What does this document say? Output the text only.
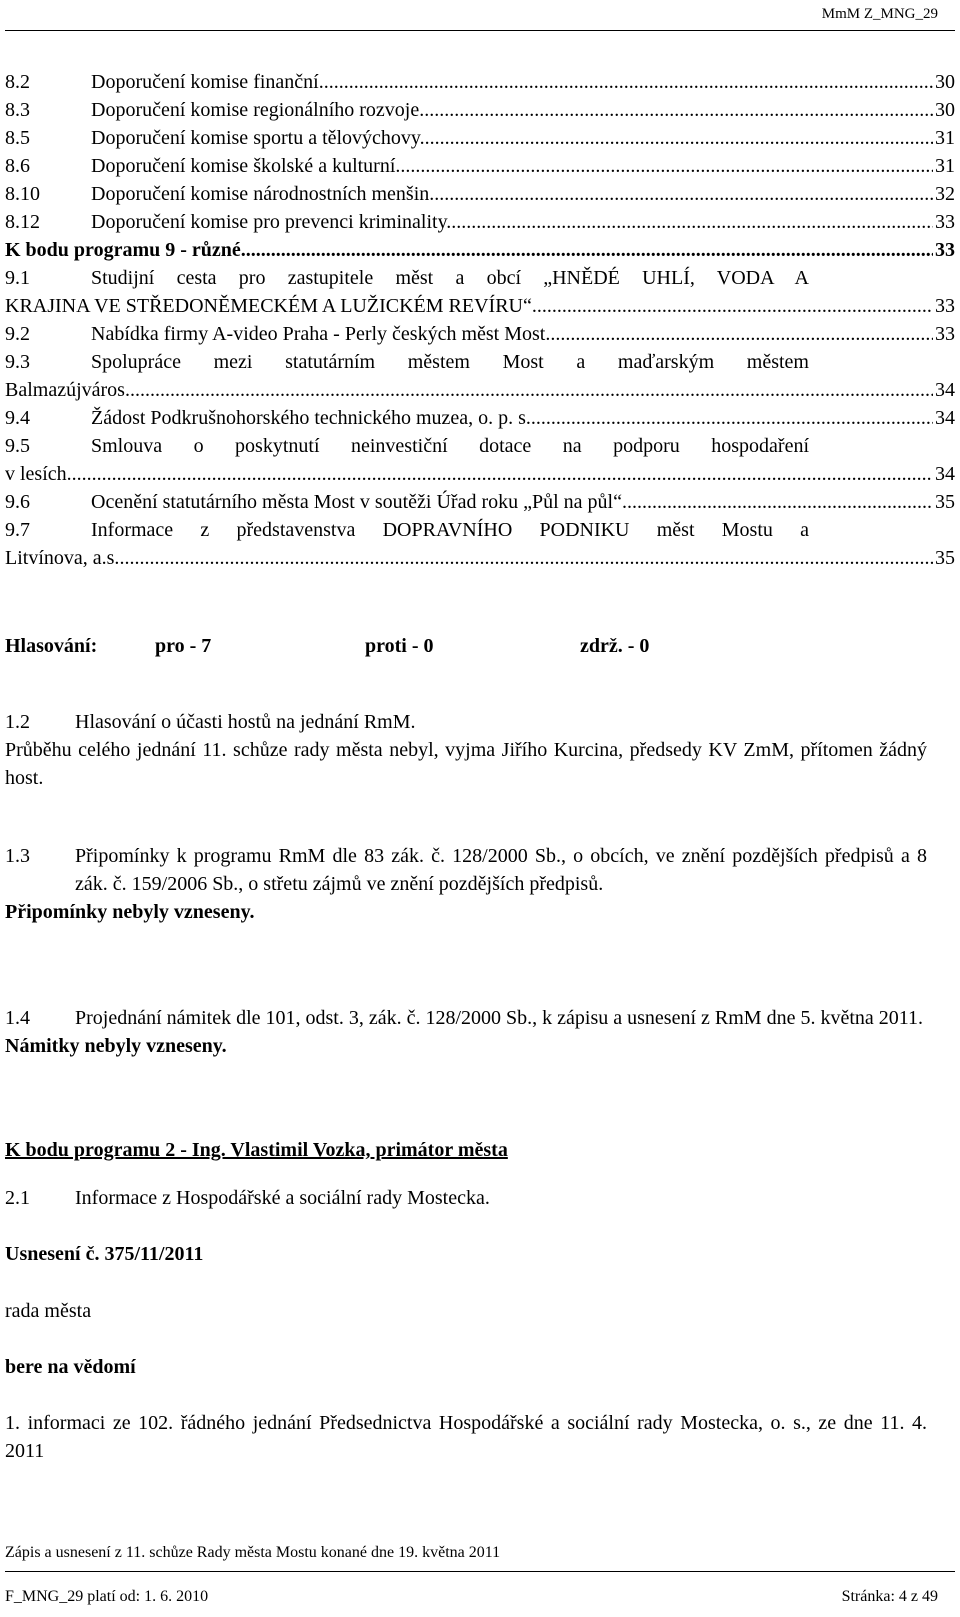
MmM Z_MNG_29
8.2	Doporučení komise finanční. .....	30
8.3	Doporučení komise regionálního rozvoje. .....	30
8.5	Doporučení komise sportu a tělovýchovy. .....	31
8.6	Doporučení komise školské a kulturní. .....	31
8.10	Doporučení komise národnostních menšin. .....	32
8.12	Doporučení komise pro prevenci kriminality. .....	33
K bodu programu 9 - různé .....	33
9.1	Studijní cesta pro zastupitele měst a obcí „HNĚDÉ UHLÍ, VODA A
KRAJINA VE STŘEDONĚMECKÉM A LUŽICKÉM REVÍRU“. .....	33
9.2	Nabídka firmy A-video Praha - Perly českých měst Most. .....	33
9.3	Spolupráce mezi statutárním městem Most a maďarským městem
Balmazújváros. .....	34
9.4	Žádost Podkrušnohorského technického muzea, o. p. s. .....	34
9.5	Smlouva o poskytnutí neinvestiční dotace na podporu hospodaření
v lesích. .....	34
9.6	Ocenění statutárního města Most v soutěži Úřad roku „Půl na půl“ .....	35
9.7	Informace z představenstva DOPRAVNÍHO PODNIKU měst Mostu a
Litvínova, a.s. .....	35
Hlasování:	pro - 7	proti - 0	zdrž. - 0
1.2	Hlasování o účasti hostů na jednání RmM.
Průběhu celého jednání 11. schůze rady města nebyl, vyjma Jiřího Kurcina, předsedy KV ZmM, přítomen žádný host.
1.3	Připomínky k programu RmM dle 83 zák. č. 128/2000 Sb., o obcích, ve znění pozdějších předpisů a 8 zák. č. 159/2006 Sb., o střetu zájmů ve znění pozdějších předpisů.
Připomínky nebyly vzneseny.
1.4	Projednání námitek dle 101, odst. 3, zák. č. 128/2000 Sb., k zápisu a usnesení z RmM dne 5. května 2011.
Námitky nebyly vzneseny.
K bodu programu 2 - Ing. Vlastimil Vozka, primátor města
2.1	Informace z Hospodářské a sociální rady Mostecka.
Usnesení č. 375/11/2011
rada města
bere na vědomí
1. informaci ze 102. řádného jednání Předsednictva Hospodářské a sociální rady Mostecka, o. s., ze dne 11. 4. 2011
Zápis a usnesení z 11. schůze Rady města Mostu konané dne 19. května 2011
F_MNG_29 platí od: 1. 6. 2010	Stránka: 4 z 49
